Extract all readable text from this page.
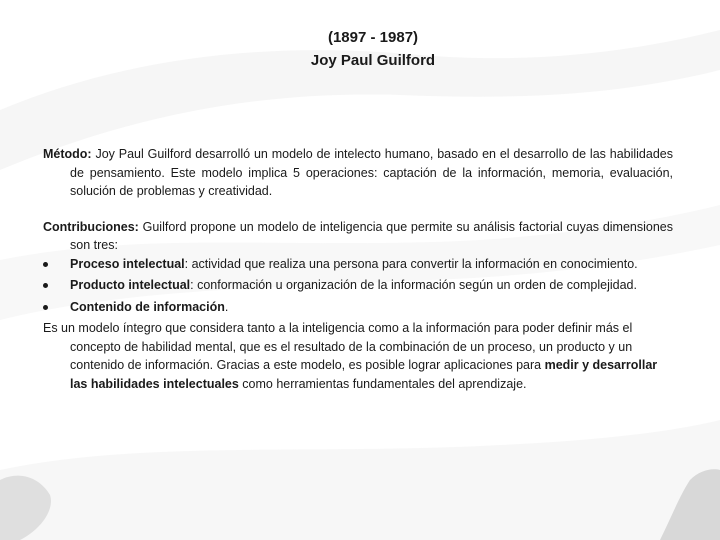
(1897 - 1987)
Joy Paul Guilford
Método: Joy Paul Guilford desarrolló un modelo de intelecto humano, basado en el desarrollo de las habilidades de pensamiento. Este modelo implica 5 operaciones: captación de la información, memoria, evaluación, solución de problemas y creatividad.
Contribuciones: Guilford propone un modelo de inteligencia que permite su análisis factorial cuyas dimensiones son tres:
Proceso intelectual: actividad que realiza una persona para convertir la información en conocimiento.
Producto intelectual: conformación u organización de la información según un orden de complejidad.
Contenido de información.
Es un modelo íntegro que considera tanto a la inteligencia como a la información para poder definir más el concepto de habilidad mental, que es el resultado de la combinación de un proceso, un producto y un contenido de información. Gracias a este modelo, es posible lograr aplicaciones para medir y desarrollar las habilidades intelectuales como herramientas fundamentales del aprendizaje.
